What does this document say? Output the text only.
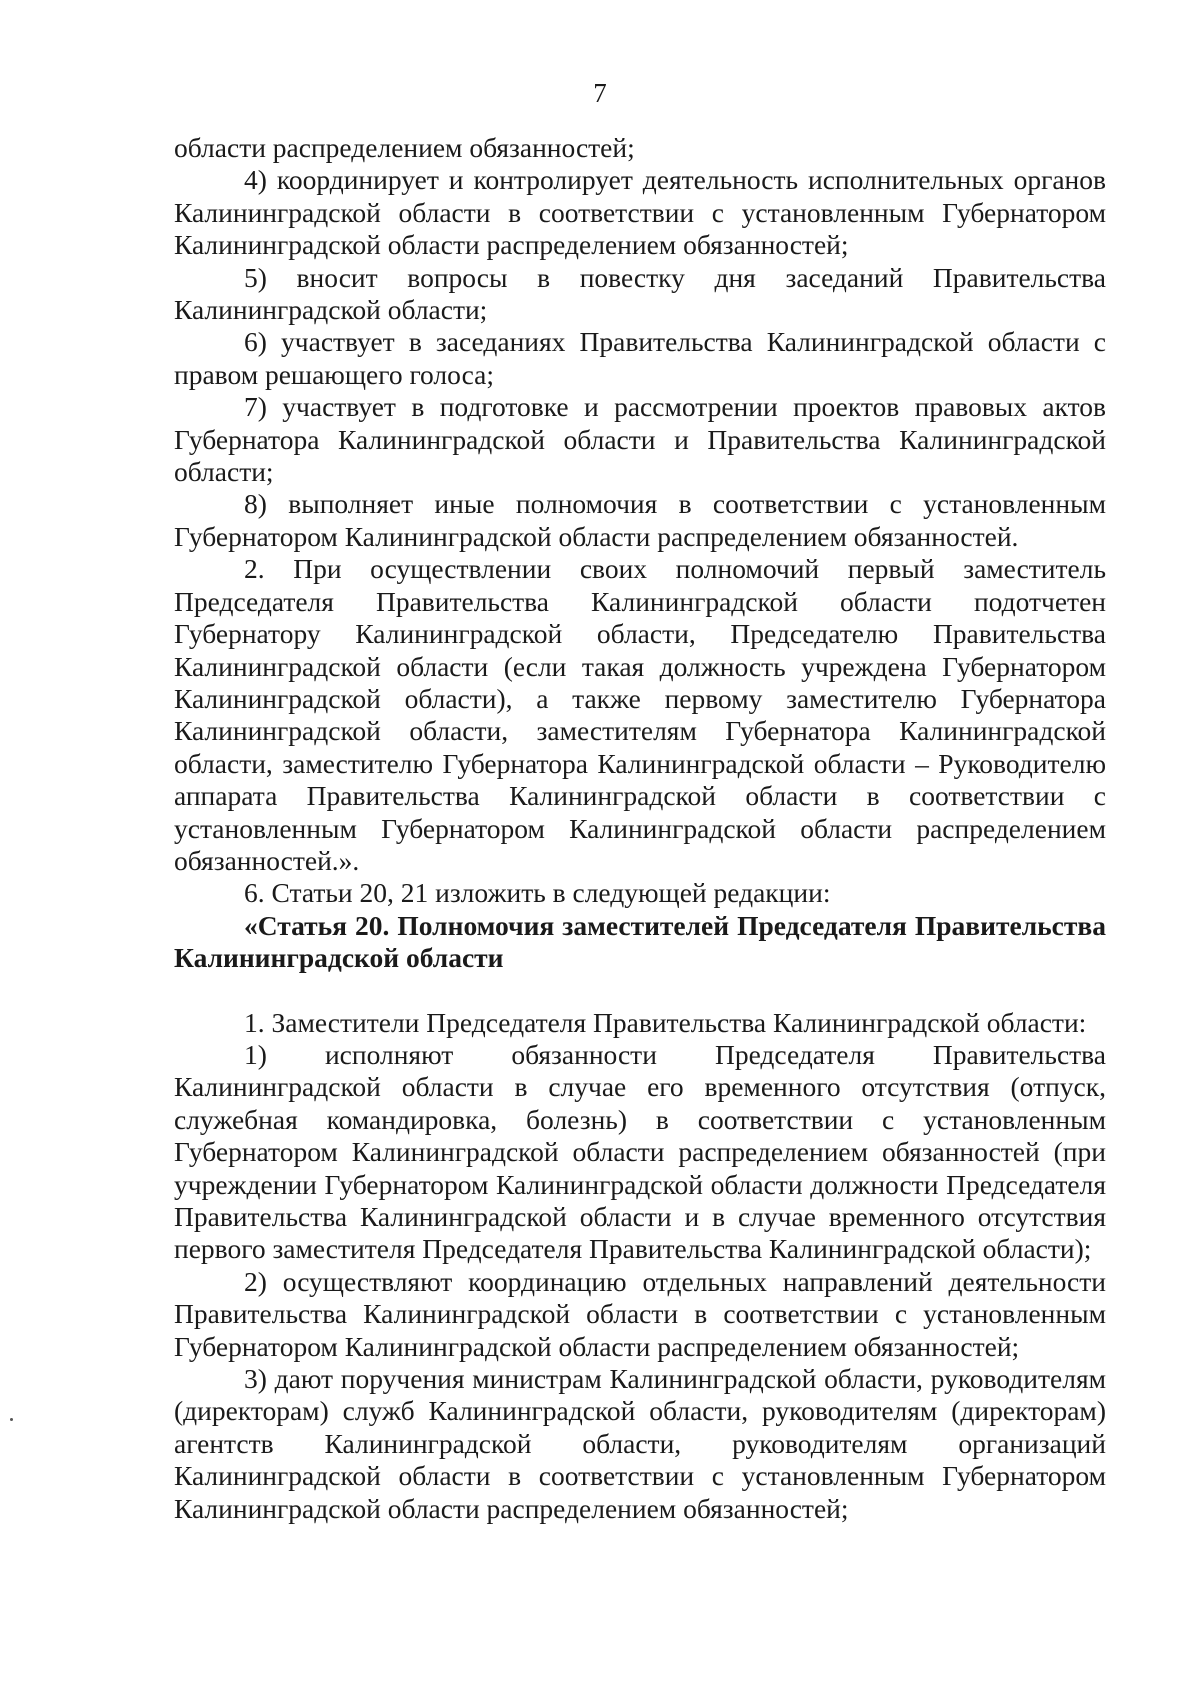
7

области распределением обязанностей;

4) координирует и контролирует деятельность исполнительных органов Калининградской области в соответствии с установленным Губернатором Калининградской области распределением обязанностей;

5) вносит вопросы в повестку дня заседаний Правительства Калининградской области;

6) участвует в заседаниях Правительства Калининградской области с правом решающего голоса;

7) участвует в подготовке и рассмотрении проектов правовых актов Губернатора Калининградской области и Правительства Калининградской области;

8) выполняет иные полномочия в соответствии с установленным Губернатором Калининградской области распределением обязанностей.

2. При осуществлении своих полномочий первый заместитель Председателя Правительства Калининградской области подотчетен Губернатору Калининградской области, Председателю Правительства Калининградской области (если такая должность учреждена Губернатором Калининградской области), а также первому заместителю Губернатора Калининградской области, заместителям Губернатора Калининградской области, заместителю Губернатора Калининградской области – Руководителю аппарата Правительства Калининградской области в соответствии с установленным Губернатором Калининградской области распределением обязанностей.».

6. Статьи 20, 21 изложить в следующей редакции:

«Статья 20. Полномочия заместителей Председателя Правительства Калининградской области

1. Заместители Председателя Правительства Калининградской области:

1) исполняют обязанности Председателя Правительства Калининградской области в случае его временного отсутствия (отпуск, служебная командировка, болезнь) в соответствии с установленным Губернатором Калининградской области распределением обязанностей (при учреждении Губернатором Калининградской области должности Председателя Правительства Калининградской области и в случае временного отсутствия первого заместителя Председателя Правительства Калининградской области);

2) осуществляют координацию отдельных направлений деятельности Правительства Калининградской области в соответствии с установленным Губернатором Калининградской области распределением обязанностей;

3) дают поручения министрам Калининградской области, руководителям (директорам) служб Калининградской области, руководителям (директорам) агентств Калининградской области, руководителям организаций Калининградской области в соответствии с установленным Губернатором Калининградской области распределением обязанностей;
